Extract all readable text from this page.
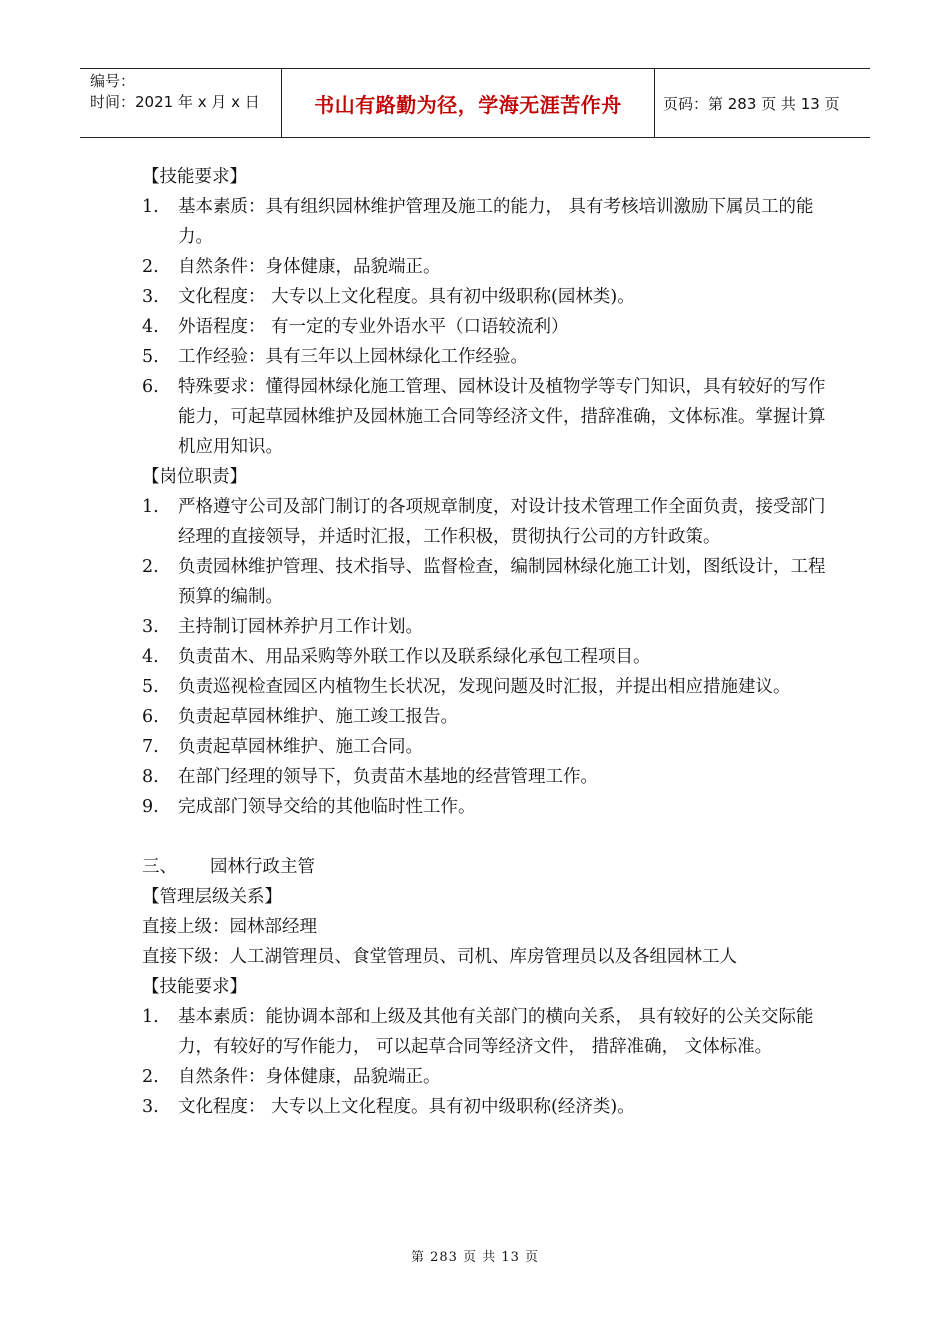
编号：
时间：2021 年 x 月 x 日	书山有路勤为径，学海无涯苦作舟	页码：第 283 页 共 13 页
【技能要求】
1.	基本素质：具有组织园林维护管理及施工的能力， 具有考核培训激励下属员工的能力。
2.	自然条件：身体健康，品貌端正。
3.	文化程度： 大专以上文化程度。具有初中级职称(园林类)。
4.	外语程度： 有一定的专业外语水平（口语较流利）
5.	工作经验：具有三年以上园林绿化工作经验。
6.	特殊要求：懂得园林绿化施工管理、园林设计及植物学等专门知识，具有较好的写作能力，可起草园林维护及园林施工合同等经济文件，措辞准确，文体标准。掌握计算机应用知识。
【岗位职责】
1.	严格遵守公司及部门制订的各项规章制度，对设计技术管理工作全面负责，接受部门经理的直接领导，并适时汇报，工作积极，贯彻执行公司的方针政策。
2.	负责园林维护管理、技术指导、监督检查，编制园林绿化施工计划，图纸设计，工程预算的编制。
3.	主持制订园林养护月工作计划。
4.	负责苗木、用品采购等外联工作以及联系绿化承包工程项目。
5.	负责巡视检查园区内植物生长状况，发现问题及时汇报，并提出相应措施建议。
6.	负责起草园林维护、施工竣工报告。
7.	负责起草园林维护、施工合同。
8.	在部门经理的领导下，负责苗木基地的经营管理工作。
9.	完成部门领导交给的其他临时性工作。
三、	园林行政主管
【管理层级关系】
直接上级：园林部经理
直接下级：人工湖管理员、食堂管理员、司机、库房管理员以及各组园林工人
【技能要求】
1.	基本素质：能协调本部和上级及其他有关部门的横向关系， 具有较好的公关交际能力，有较好的写作能力， 可以起草合同等经济文件， 措辞准确， 文体标准。
2.	自然条件：身体健康，品貌端正。
3.	文化程度： 大专以上文化程度。具有初中级职称(经济类)。
第 283 页 共 13 页
